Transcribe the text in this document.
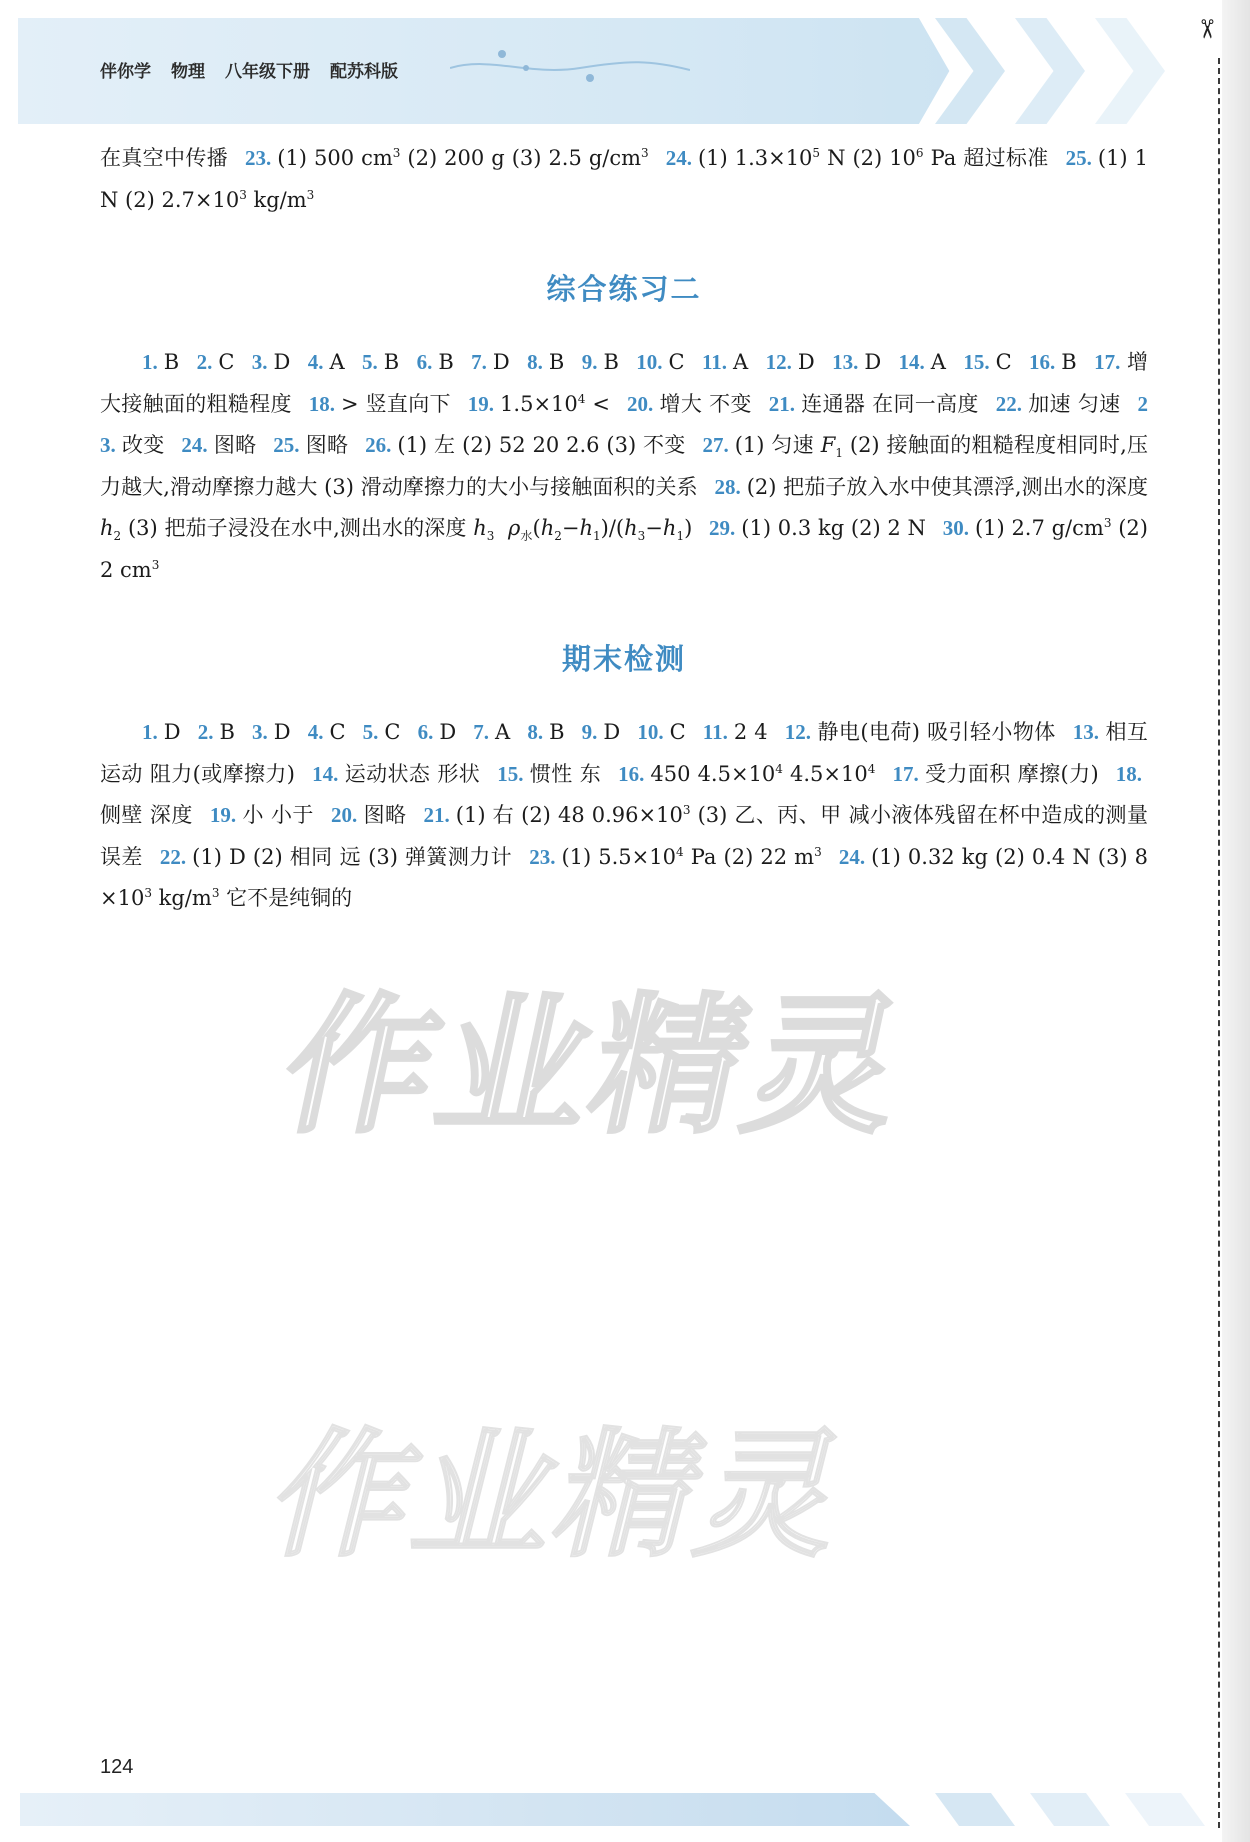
伴你学 物理 八年级下册 配苏科版
✂
作业精灵
作业精灵
在真空中传播 23. (1) 500 $cm^3$ (2) 200 g (3) 2.5 $g/cm^3$ 24. (1) $1.3\times 10^5$ N (2) $10^6$ Pa 超过标准 25. (1) 1 N (2) $2.7\times 10^3$ $kg/m^3$
综合练习二
1. B 2. C 3. D 4. A 5. B 6. B 7. D 8. B 9. B 10. C 11. A 12. D 13. D 14. A 15. C 16. B 17. 增大接触面的粗糙程度 18. > 竖直向下 19. $1.5\times 10^4 < 20$. 增大 不变 21. 连通器 在同一高度 22. 加速 匀速 23. 改变 24. 图略 25. 图略 26. (1) 左 (2) 52 20 2.6 (3) 不变 27. (1) 匀速 $F_1$ (2) 接触面的粗糙程度相同时,压力越大,滑动摩擦力越大 (3) 滑动摩擦力的大小与接触面积的关系 28. (2) 把茄子放入水中使其漂浮,测出水的深度 $h_2$ (3) 把茄子浸没在水中,测出水的深度 $h_3$ $\rho_水(h_2-h_1)/(h_3-h_1)$ 29. (1) 0.3 kg (2) 2 N 30. (1) 2.7 $g/cm^3$ (2) 2 $cm^3$
期末检测
1. D 2. B 3. D 4. C 5. C 6. D 7. A 8. B 9. D 10. C 11. 2 4 12. 静电(电荷) 吸引轻小物体 13. 相互 运动 阻力(或摩擦力) 14. 运动状态 形状 15. 惯性 东 16. 450 $4.5\times 10^4$ $4.5\times 10^4$ 17. 受力面积 摩擦(力) 18.侧壁 深度 19. 小 小于 20. 图略 21. (1) 右 (2) 48 $0.96\times 10^3$ (3) 乙、丙、甲 减小液体残留在杯中造成的测量误差 22. (1) D (2) 相同 远 (3) 弹簧测力计 23. (1) $5.5\times 10^4$ Pa (2) 22 $m^3$ 24. (1) 0.32 kg (2) 0.4 N (3) $8\times 10^3$ $kg/m^3$ 它不是纯铜的
124
